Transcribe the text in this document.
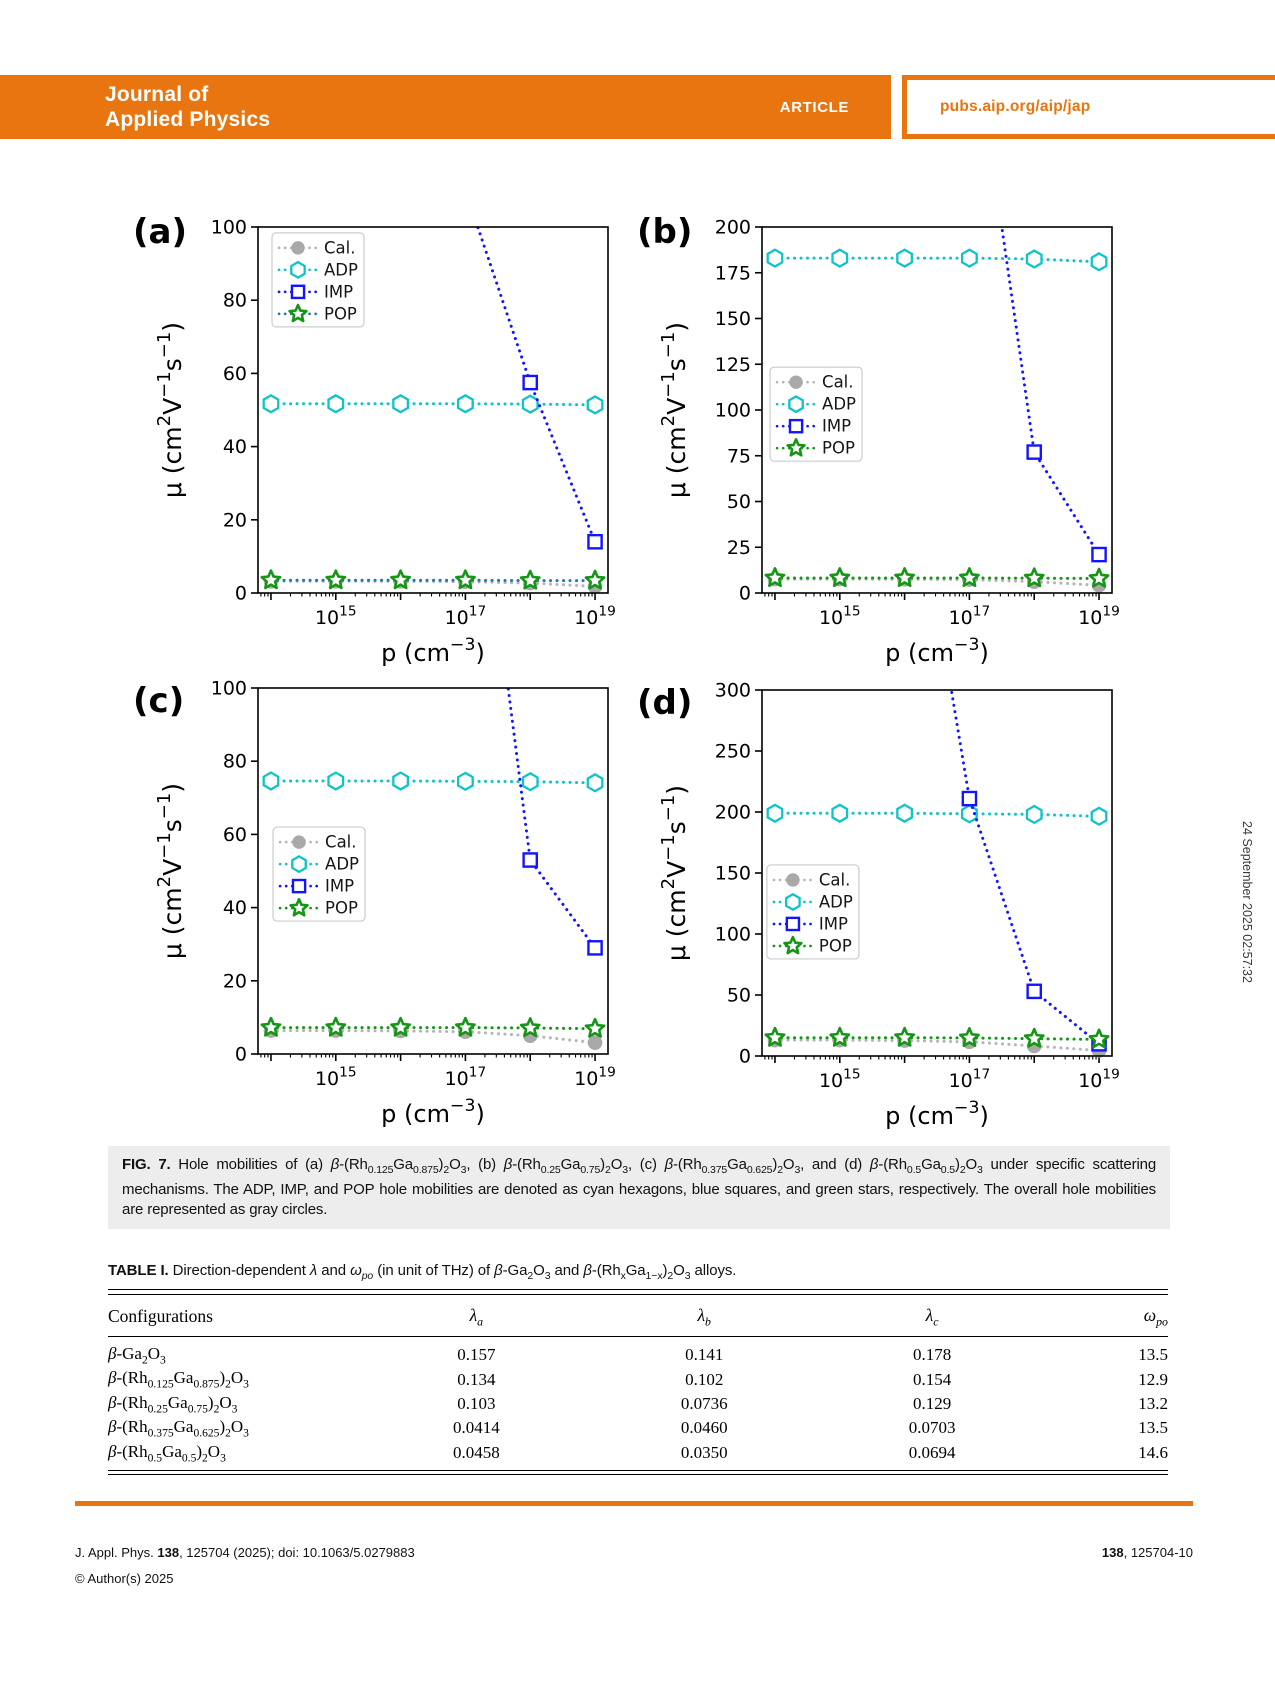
Journal of
Applied Physics
ARTICLE	pubs.aip.org/aip/jap
0
20
40
60
80
100
$10^{15}$	$10^{17}$	$10^{19}$
p $(cm^{-3})$
μ $(cm^2V^{-1}s^{-1})$
Cal.
ADP
IMP
POP
(a)
0
25
50
75
100
125
150
175
200
$10^{15}$	$10^{17}$	$10^{19}$
p $(cm^{-3})$
μ $(cm^2V^{-1}s^{-1})$
Cal.
ADP
IMP
POP
(b)
0
20
40
60
80
100
$10^{15}$	$10^{17}$	$10^{19}$
p $(cm^{-3})$
μ $(cm^2V^{-1}s^{-1})$
Cal.
ADP
IMP
POP
(c)
0
50
100
150
200
250
300
$10^{15}$	$10^{17}$	$10^{19}$
p $(cm^{-3})$
μ $(cm^2V^{-1}s^{-1})$
Cal.
ADP
IMP
POP
(d)
FIG. 7. Hole mobilities of (a) $\beta-(Rh_{0.125}Ga_{0.875})_2O_3$, (b) $\beta-(Rh_{0.25}Ga_{0.75})_2O_3$, (c) $\beta-(Rh_{0.375}Ga_{0.625})_2O_3$, and (d) $\beta-(Rh_{0.5}Ga_{0.5})_2O_3$ under specific scattering mechanisms. The ADP, IMP, and POP hole mobilities are denoted as cyan hexagons, blue squares, and green stars, respectively. The overall hole mobilities are represented as gray circles.
TABLE I. Direction-dependent λ and $\omega_{po}$ (in unit of THz) of $\beta-Ga_2O_3$ and $\beta-(Rh_xGa_{1-x})_2O_3$ alloys.
Configurations	$\lambda_a$	$\lambda_b$	$\lambda_c$	$\omega_{po}$
$\beta-Ga_2O_3$	0.157	0.141	0.178	13.5
$\beta-(Rh_{0.125}Ga_{0.875})_2O_3$	0.134	0.102	0.154	12.9
$\beta-(Rh_{0.25}Ga_{0.75})_2O_3$	0.103	0.0736	0.129	13.2
$\beta-(Rh_{0.375}Ga_{0.625})_2O_3$	0.0414	0.0460	0.0703	13.5
$\beta-(Rh_{0.5}Ga_{0.5})_2O_3$	0.0458	0.0350	0.0694	14.6
J. Appl. Phys. 138, 125704 (2025); doi: 10.1063/5.0279883
© Author(s) 2025
138, 125704-10
24 September 2025 02:57:32
